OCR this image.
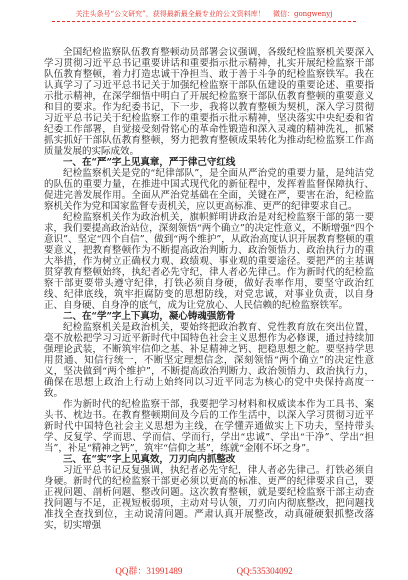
关注头条号“公文研究”，获得最新最全最专业的公文资料库！ 微信：gongwenyj

全国纪检监察队伍教育整顿动员部署会议强调，各级纪检监察机关要深入学习贯彻习近平总书记重要讲话和重要指示批示精神，扎实开展纪检监察干部队伍教育整顿，着力打造忠诚干净担当、敢于善于斗争的纪检监察铁军。我在认真学习了习近平总书记关于加强纪检监察干部队伍建设的重要论述、重要指示批示精神，在深学细悟中明白了开展纪检监察干部队伍教育整顿的重要意义和目的要求。作为纪委书记，下一步，我将以教育整顿为契机，深入学习贯彻习近平总书记关于纪检监察工作的重要指示批示精神，坚决落实中央纪委和省纪委工作部署，自觉接受刻骨铭心的革命性锻造和深入灵魂的精神洗礼，抓紧抓实抓好干部队伍教育整顿，努力把教育整顿成果转化为推动纪检监察工作高质量发展的实际成效。

一、在“严”字上见真章，严于律己守红线

纪检监察机关是党的“纪律部队”，是全面从严治党的重要力量，是纯洁党的队伍的重要力量，在推进中国式现代化的新征程中，发挥着监督保障执行、促进完善发展作用。全面从严治党基础在全面，关键在严，要害在治，纪检监察机关作为党和国家监督专责机关，应以更高标准、更严的纪律要求自己。

纪检监察机关作为政治机关，旗帜鲜明讲政治是对纪检监察干部的第一要求，我们要提高政治站位，深刻领悟“两个确立”的决定性意义，不断增强“四个意识”、坚定“四个自信”、做到“两个维护”，从政治高度认识开展教育整顿的重要意义，把教育整顿作为不断提高政治判断力、政治领悟力、政治执行力的重大举措，作为树立正确权力观、政绩观、事业观的重要途径。要把严的主基调贯穿教育整顿始终，执纪者必先守纪，律人者必先律己。作为新时代的纪检监察干部更要带头遵守纪律，打铁必须自身硬，做好表率作用，要坚守政治红线、纪律底线，筑牢拒腐防变的思想防线，对党忠诚，对事业负责，以自身正、自身硬、自身净的底气，成为让党放心、人民信赖的纪检监察铁军。

二、在“学”字上下真功，凝心铸魂强筋骨

纪检监察机关是政治机关，要始终把政治教育、党性教育放在突出位置，毫不放松把学习习近平新时代中国特色社会主义思想作为必修课，通过持续加强理论武装，不断筑牢信仰之基、补足精神之钙、把稳思想之舵。要坚持学思用贯通、知信行统一，不断坚定理想信念，深刻领悟“两个确立”的决定性意义，坚决做到“两个维护”，不断提高政治判断力、政治领悟力、政治执行力，确保在思想上政治上行动上始终同以习近平同志为核心的党中央保持高度一致。

作为新时代的纪检监察干部，我要把学习材料和权威读本作为工具书、案头书、枕边书。在教育整顿期间及今后的工作生活中，以深入学习贯彻习近平新时代中国特色社会主义思想为主线，在学懂弄通做实上下功夫，坚持带头学、反复学、学而思、学而信、学而行，学出“忠诚”、学出“干净”、学出“担当”，补足“精神之钙”，筑牢“信仰之基”，练就“金刚不坏之身”。

三、在“实”字上见真效，刀刃向内抓整改

习近平总书记反复强调，执纪者必先守纪，律人者必先律己。打铁必须自身硬。新时代的纪检监察干部更必须以更高的标准、更严的纪律要求自己，要正视问题、剖析问题、整改问题。这次教育整顿，就是要纪检监察干部主动查找问题与不足，正视短板弱项，主动对号认领，刀刃向内彻底整改，把问题找准找全查找到位，主动说清问题。严肃认真开展整改，动真碰硬狠抓整改落实，切实增强

QQ群：31991489	QQ:535304092
